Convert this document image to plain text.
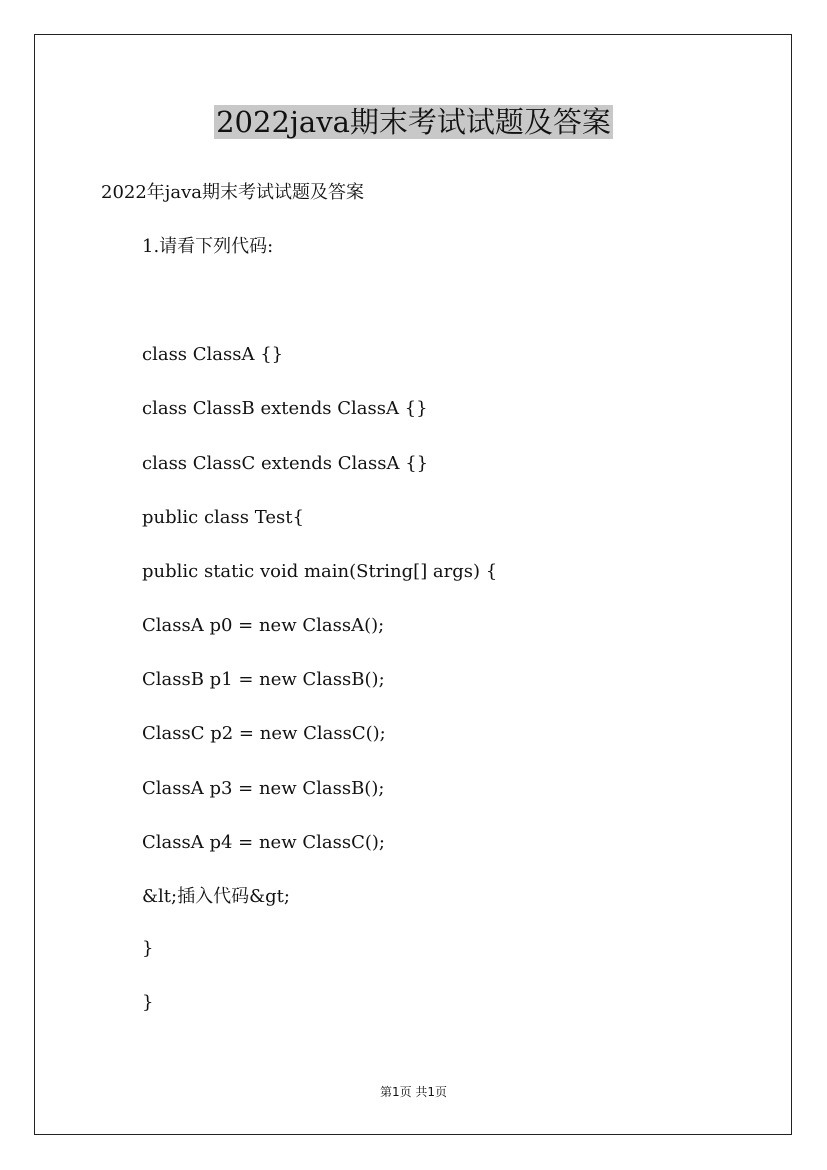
2022java期末考试试题及答案

2022年java期末考试试题及答案

1.请看下列代码:

class ClassA {}

class ClassB extends ClassA {}

class ClassC extends ClassA {}

public class Test{

public static void main(String[] args) {

ClassA p0 = new ClassA();

ClassB p1 = new ClassB();

ClassC p2 = new ClassC();

ClassA p3 = new ClassB();

ClassA p4 = new ClassC();

&lt;插入代码&gt;

}

}

第1页 共1页
